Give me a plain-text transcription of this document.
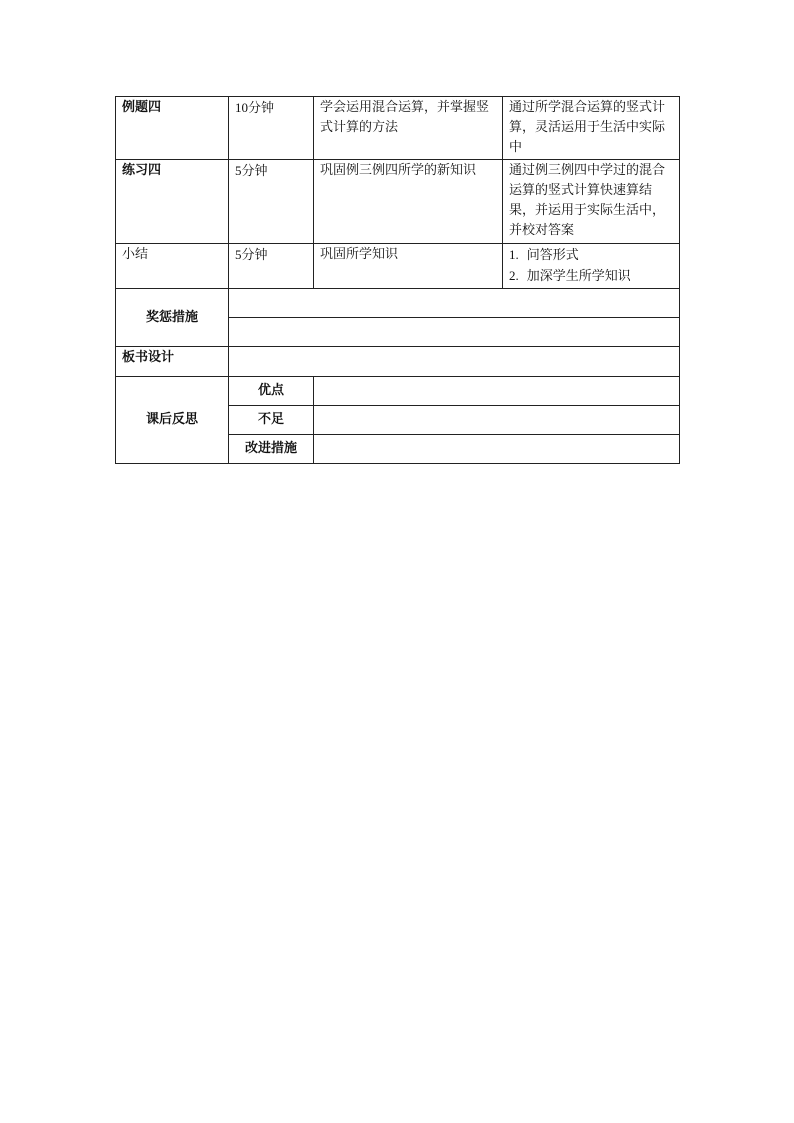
例题四	10分钟	学会运用混合运算，并掌握竖式计算的方法	通过所学混合运算的竖式计算，灵活运用于生活中实际中
练习四	5分钟	巩固例三例四所学的新知识	通过例三例四中学过的混合运算的竖式计算快速算结果，并运用于实际生活中，并校对答案
小结	5分钟	巩固所学知识	1. 问答形式
2. 加深学生所学知识

奖惩措施			

板书设计			
课后反思	优点		
	不足		
	改进措施		
